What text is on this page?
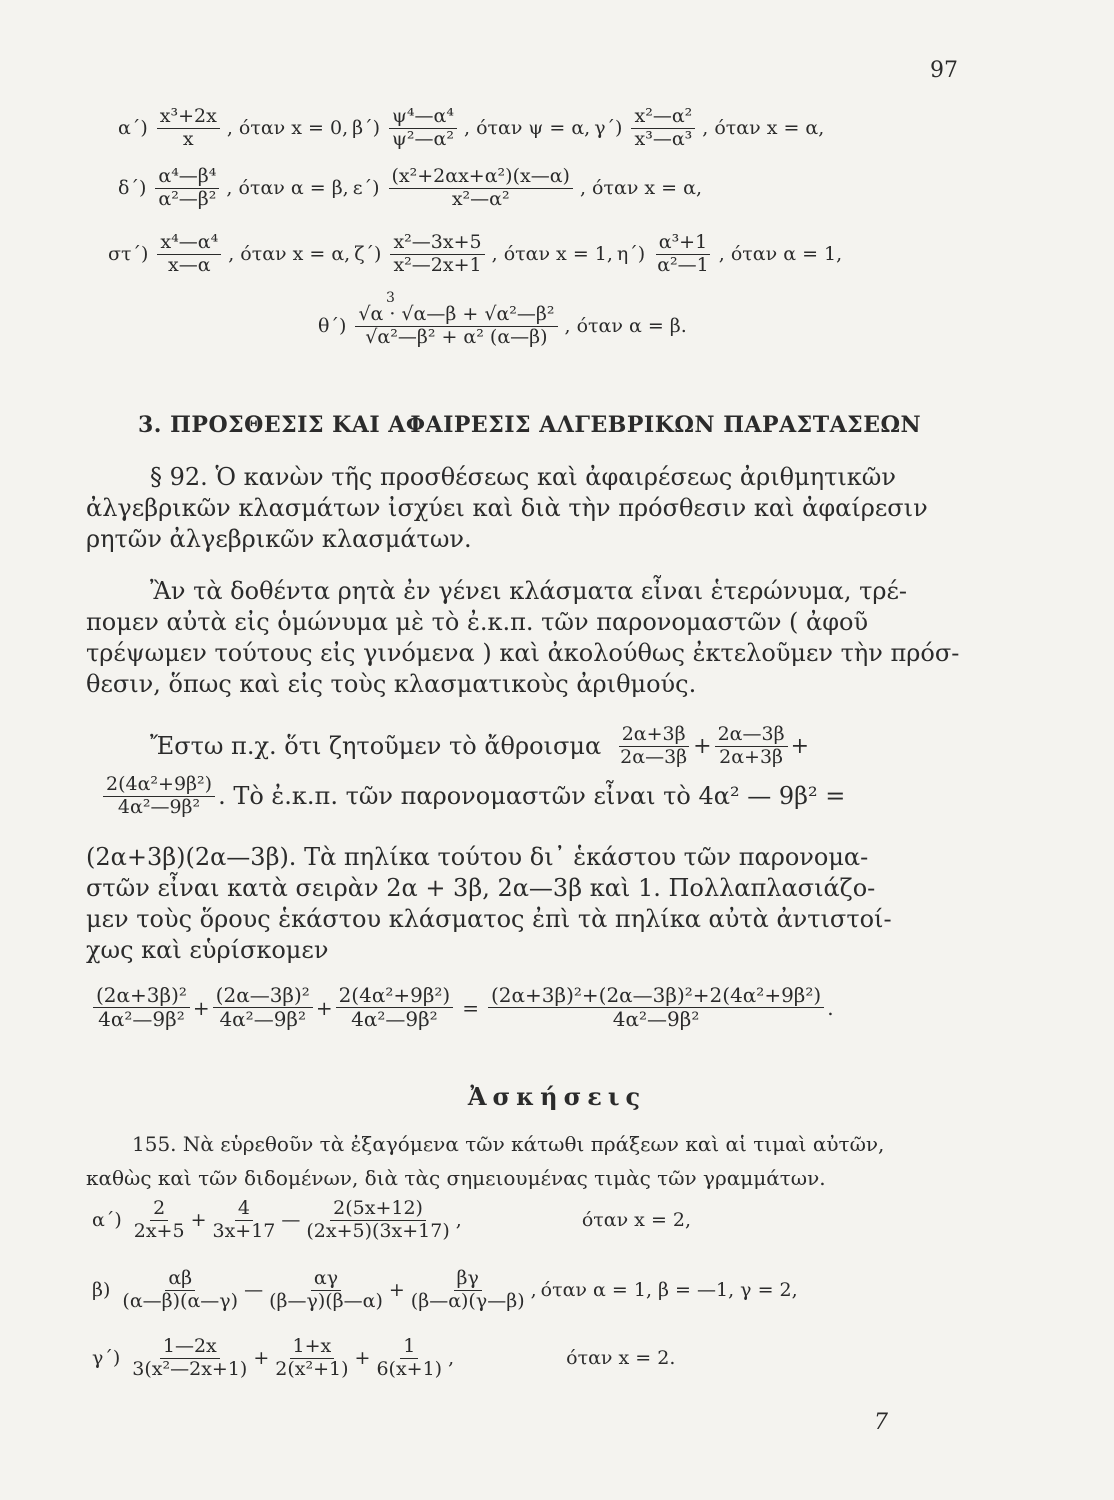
97
$\alpha΄) \frac{\text{x³+2x}}{x}$ , όταν x = 0, $\beta΄) \frac{\text{ψ⁴—α⁴}}{\text{ψ²—α²}}$ , όταν ψ = α, $\gamma΄) \frac{\text{x²—α²}}{\text{x³—α³}}$ , όταν x = α,
$\delta΄) \frac{\text{α⁴—β⁴}}{\text{α²—β²}}$ , όταν α = β, $\varepsilon΄) \frac{\text{(x²+2αx+α²)(x—α)}}{\text{x²—α²}}$ , όταν x = α,
$\sigma\tau΄) \frac{\text{x⁴—α⁴}}{x—\alpha}$ , όταν x = α, $\zeta΄) \frac{\text{x²—3x+5}}{\text{x²—2x+1}}$ , όταν x = 1, $\eta΄) \frac{\text{α³+1}}{\text{α²—1}}$ , όταν α = 1,
3
$\theta΄) \frac{\text{√α · √α—β + √α²—β²}}{\text{√α²—β² + α² (α—β)}}$ , όταν α = β.
3. ΠΡΟΣΘΕΣΙΣ ΚΑΙ ΑΦΑΙΡΕΣΙΣ ΑΛΓΕΒΡΙΚΩΝ ΠΑΡΑΣΤΑΣΕΩΝ
§ 92. Ὁ κανὼν τῆς προσθέσεως καὶ ἀφαιρέσεως ἀριθμητικῶν
ἀλγεβρικῶν κλασμάτων ἰσχύει καὶ διὰ τὴν πρόσθεσιν καὶ ἀφαίρεσιν
ρητῶν ἀλγεβρικῶν κλασμάτων.
Ἂν τὰ δοθέντα ρητὰ ἐν γένει κλάσματα εἶναι ἑτερώνυμα, τρέ-
πομεν αὐτὰ εἰς ὁμώνυμα μὲ τὸ ἐ.κ.π. τῶν παρονομαστῶν ( ἀφοῦ
τρέψωμεν τούτους εἰς γινόμενα ) καὶ ἀκολούθως ἐκτελοῦμεν τὴν πρόσ-
θεσιν, ὅπως καὶ εἰς τοὺς κλασματικοὺς ἀριθμούς.
Ἔστω π.χ. ὅτι ζητοῦμεν τὸ ἄθροισμα $\frac{2\alpha+3\beta}{2\alpha—3\beta} + \frac{2\alpha—3\beta}{2\alpha+3\beta}$ +
$\frac{\text{2(4α²+9β²)}}{\text{4α²—9β²}}$ . Τὸ ἐ.κ.π. τῶν παρονομαστῶν εἶναι τὸ 4α² — 9β² =
(2α+3β)(2α—3β). Τὰ πηλίκα τούτου δι᾽ ἑκάστου τῶν παρονομα-
στῶν εἶναι κατὰ σειρὰν 2α + 3β, 2α—3β καὶ 1. Πολλαπλασιάζο-
μεν τοὺς ὅρους ἑκάστου κλάσματος ἐπὶ τὰ πηλίκα αὐτὰ ἀντιστοί-
χως καὶ εὑρίσκομεν
$\frac{\text{(2α+3β)²}}{\text{4α²—9β²}} + \frac{\text{(2α—3β)²}}{\text{4α²—9β²}} + \frac{\text{2(4α²+9β²)}}{\text{4α²—9β²}} = \frac{\text{(2α+3β)²+(2α—3β)²+2(4α²+9β²)}}{\text{4α²—9β²}}$ .
Ἀσκήσεις
155. Νὰ εὑρεθοῦν τὰ ἐξαγόμενα τῶν κάτωθι πράξεων καὶ αἱ τιμαὶ αὐτῶν,
καθὼς καὶ τῶν διδομένων, διὰ τὰς σημειουμένας τιμὰς τῶν γραμμάτων.
$\alpha΄) \frac{2}{2x+5} + \frac{4}{3x+17}$ — $\frac{2(5x+12)}{(2x+5)(3x+17)}$ ,	όταν x = 2,
$\beta) \frac{\alpha\beta}{(\alpha—\beta)(\alpha—\gamma)}$ — $\frac{\alpha\gamma}{(\beta—\gamma)(\beta—\alpha)} + \frac{\beta\gamma}{(\beta—\alpha)(\gamma—\beta)}$ , όταν α = 1, β = —1, γ = 2,
$\gamma΄) \frac{1—2x}{\text{3(x²—2x+1)}} + \frac{1+x}{\text{2(x²+1)}} + \frac{1}{6(x+1)}$ ,	όταν x = 2.
7
